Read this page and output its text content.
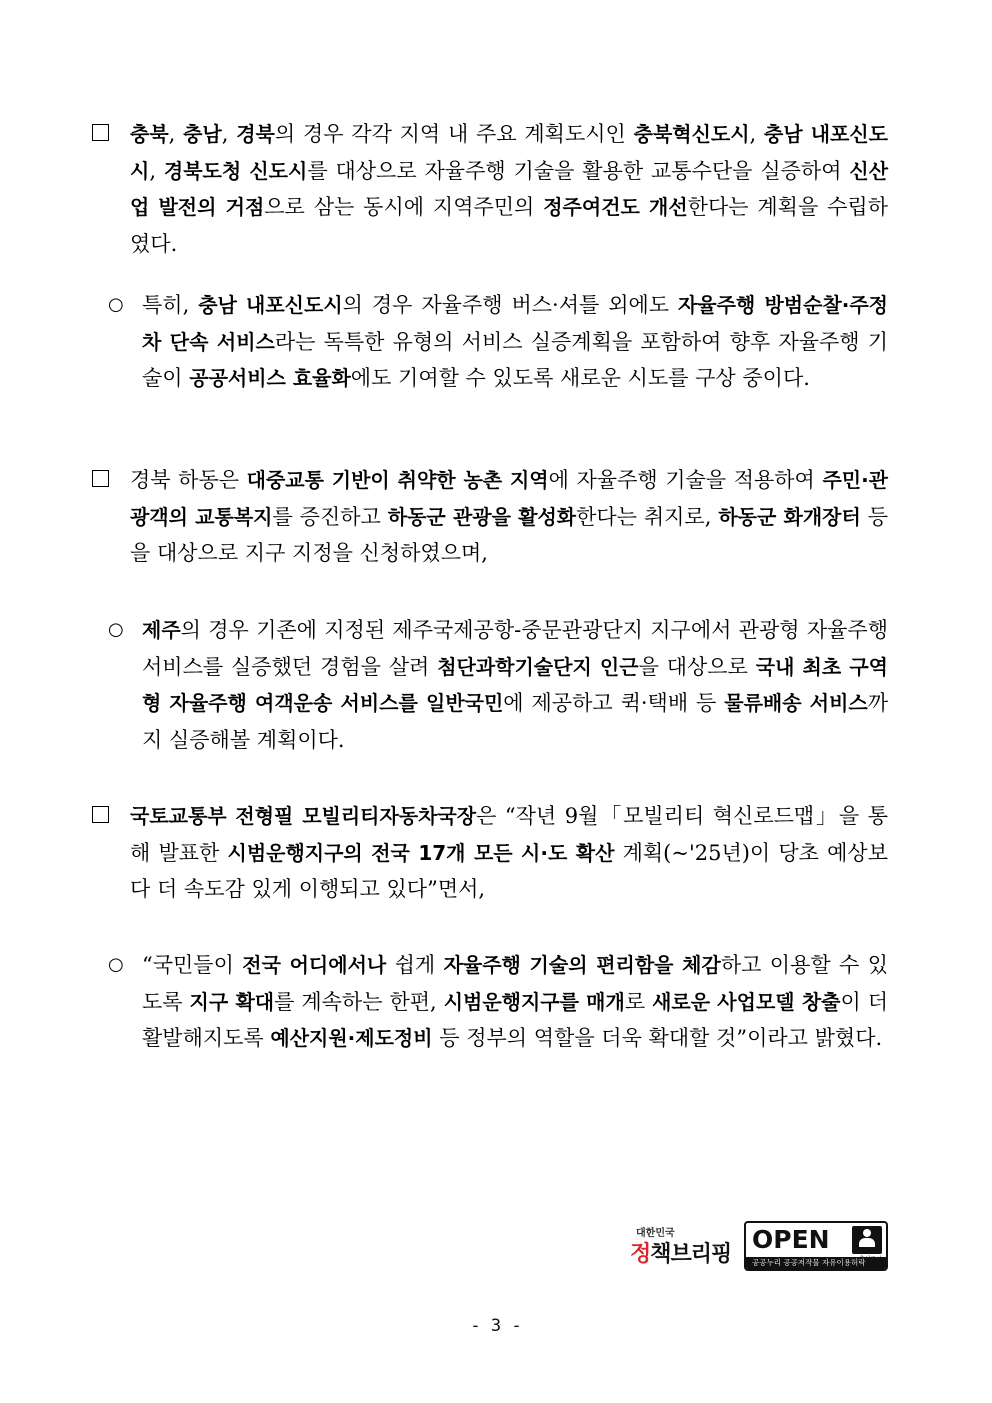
충북, 충남, 경북의 경우 각각 지역 내 주요 계획도시인 충북혁신도시, 충남 내포신도시, 경북도청 신도시를 대상으로 자율주행 기술을 활용한 교통수단을 실증하여 신산업 발전의 거점으로 삼는 동시에 지역주민의 정주여건도 개선한다는 계획을 수립하였다.
○ 특히, 충남 내포신도시의 경우 자율주행 버스·셔틀 외에도 자율주행 방범순찰·주정차 단속 서비스라는 독특한 유형의 서비스 실증계획을 포함하여 향후 자율주행 기술이 공공서비스 효율화에도 기여할 수 있도록 새로운 시도를 구상 중이다.
경북 하동은 대중교통 기반이 취약한 농촌 지역에 자율주행 기술을 적용하여 주민·관광객의 교통복지를 증진하고 하동군 관광을 활성화한다는 취지로, 하동군 화개장터 등을 대상으로 지구 지정을 신청하였으며,
○ 제주의 경우 기존에 지정된 제주국제공항-중문관광단지 지구에서 관광형 자율주행 서비스를 실증했던 경험을 살려 첨단과학기술단지 인근을 대상으로 국내 최초 구역형 자율주행 여객운송 서비스를 일반국민에 제공하고 퀵·택배 등 물류배송 서비스까지 실증해볼 계획이다.
국토교통부 전형필 모빌리티자동차국장은 “작년 9월「모빌리티 혁신로드맵」을 통해 발표한 시범운행지구의 전국 17개 모든 시·도 확산 계획(~'25년)이 당초 예상보다 더 속도감 있게 이행되고 있다”면서,
○ “국민들이 전국 어디에서나 쉽게 자율주행 기술의 편리함을 체감하고 이용할 수 있도록 지구 확대를 계속하는 한편, 시범운행지구를 매개로 새로운 사업모델 창출이 더 활발해지도록 예산지원·제도정비 등 정부의 역할을 더욱 확대할 것”이라고 밝혔다.
대한민국
정책브리핑
OPEN
공공누리 공공저작물 자유이용허락
- 3 -
